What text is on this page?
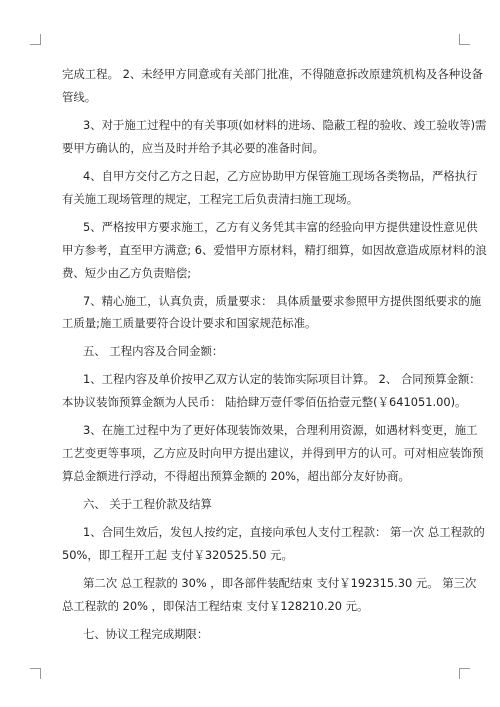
完成工程。 2、未经甲方同意或有关部门批准，不得随意拆改原建筑机构及各种设备
管线。
3、对于施工过程中的有关事项(如材料的进场、隐蔽工程的验收、竣工验收等)需
要甲方确认的，应当及时并给予其必要的准备时间。
4、自甲方交付乙方之日起，乙方应协助甲方保管施工现场各类物品，严格执行
有关施工现场管理的规定，工程完工后负责清扫施工现场。
5、严格按甲方要求施工，乙方有义务凭其丰富的经验向甲方提供建设性意见供
甲方参考，直至甲方满意; 6、爱惜甲方原材料，精打细算，如因故意造成原材料的浪
费、短少由乙方负责赔偿;
7、精心施工，认真负责，质量要求： 具体质量要求参照甲方提供图纸要求的施
工质量;施工质量要符合设计要求和国家规范标准。
五、 工程内容及合同金额：
1、工程内容及单价按甲乙双方认定的装饰实际项目计算。 2、 合同预算金额：
本协议装饰预算金额为人民币： 陆拾肆万壹仟零佰伍拾壹元整(￥641051.00)。
3、在施工过程中为了更好体现装饰效果，合理利用资源，如遇材料变更，施工
工艺变更等事项，乙方应及时向甲方提出建议，并得到甲方的认可。可对相应装饰预
算总金额进行浮动，不得超出预算金额的 20%，超出部分友好协商。
六、 关于工程价款及结算
1、合同生效后，发包人按约定，直接向承包人支付工程款： 第一次 总工程款的
50%，即工程开工起 支付￥320525.50 元。
第二次 总工程款的 30% ，即各部件装配结束 支付￥192315.30 元。 第三次
总工程款的 20% ，即保洁工程结束 支付￥128210.20 元。
七、协议工程完成期限：
